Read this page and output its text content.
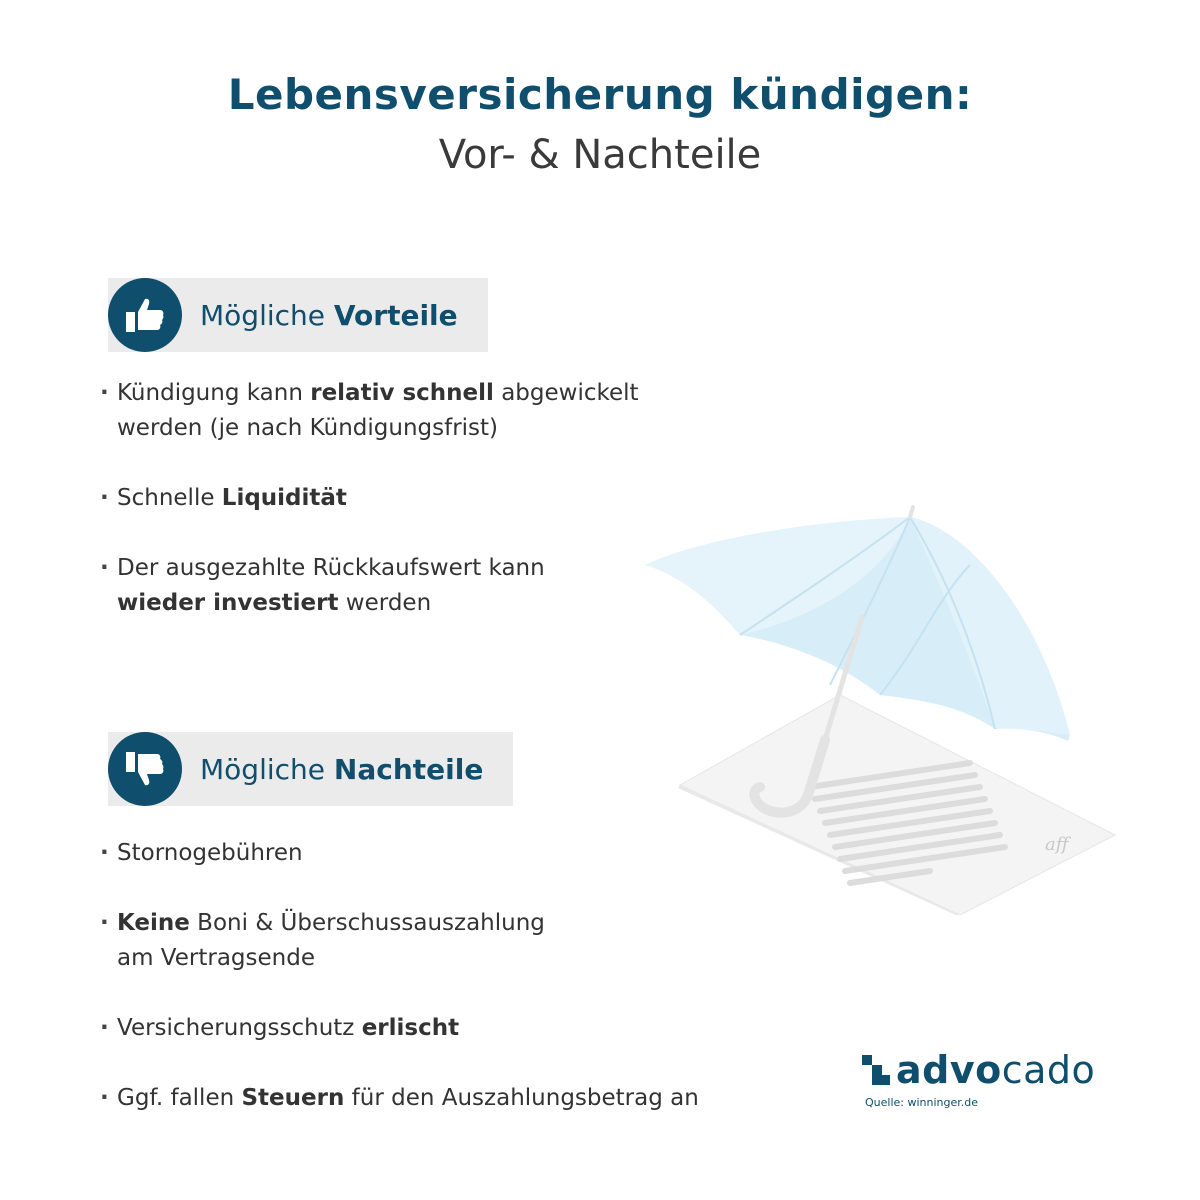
Lebensversicherung kündigen:
Vor- & Nachteile
Mögliche Vorteile
· Kündigung kann relativ schnell abgewickelt
werden (je nach Kündigungsfrist)
· Schnelle Liquidität
· Der ausgezahlte Rückkaufswert kann
wieder investiert werden
Mögliche Nachteile
· Stornogebühren
· Keine Boni & Überschussauszahlung
am Vertragsende
· Versicherungsschutz erlischt
· Ggf. fallen Steuern für den Auszahlungsbetrag an
aff
advocado
Quelle: winninger.de
